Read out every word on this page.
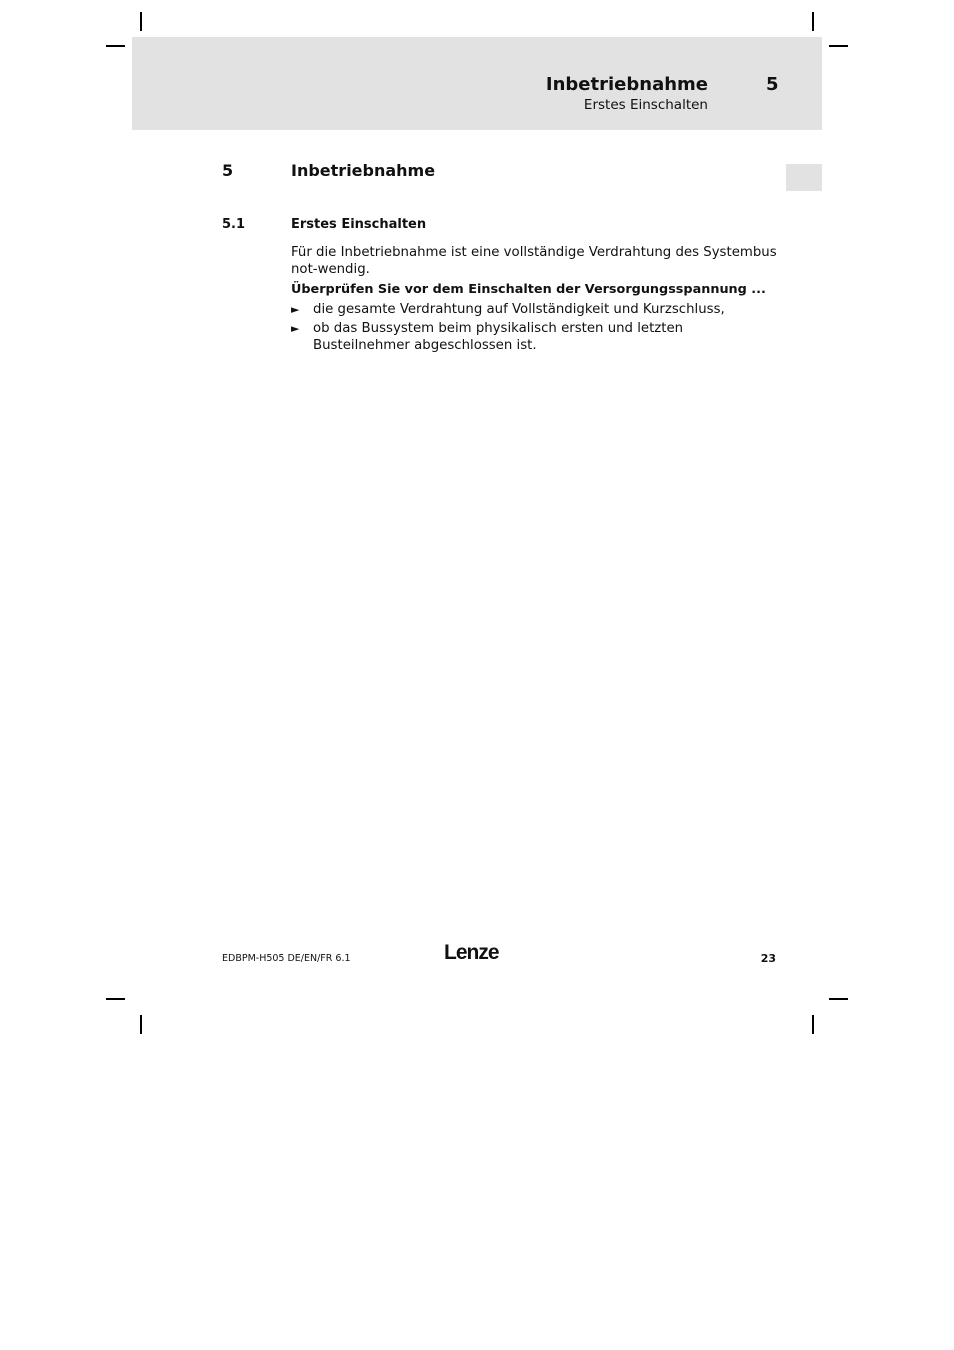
Inbetriebnahme	5
Erstes Einschalten
5	Inbetriebnahme
5.1	Erstes Einschalten
Für die Inbetriebnahme ist eine vollständige Verdrahtung des Systembus not-wendig.
Überprüfen Sie vor dem Einschalten der Versorgungsspannung ...
► die gesamte Verdrahtung auf Vollständigkeit und Kurzschluss,
► ob das Bussystem beim physikalisch ersten und letzten Busteilnehmer abgeschlossen ist.
EDBPM-H505 DE/EN/FR 6.1	Lenze	23
